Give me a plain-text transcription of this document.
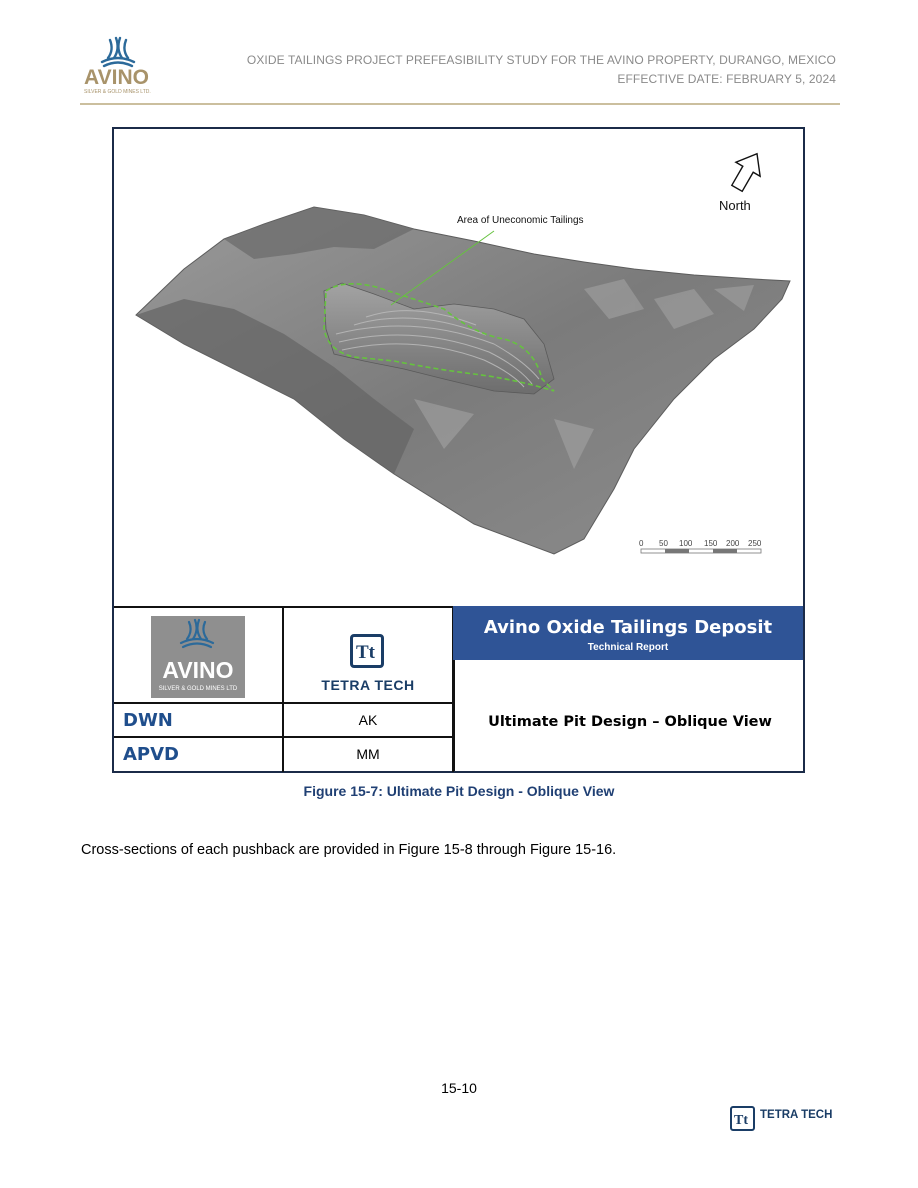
AVINO
SILVER & GOLD MINES LTD.
OXIDE TAILINGS PROJECT PREFEASIBILITY STUDY FOR THE AVINO PROPERTY, DURANGO, MEXICO
EFFECTIVE DATE: FEBRUARY 5, 2024
North
Area of Uneconomic Tailings
0 50 100 150 200 250
AVINO
SILVER & GOLD MINES LTD
Tt
TETRA TECH
Avino Oxide Tailings Deposit
Technical Report
Ultimate Pit Design – Oblique View
DWN	AK
APVD	MM
Figure 15-7: Ultimate Pit Design - Oblique View
Cross-sections of each pushback are provided in Figure 15-8 through Figure 15-16.
15-10
Tt TETRA TECH
